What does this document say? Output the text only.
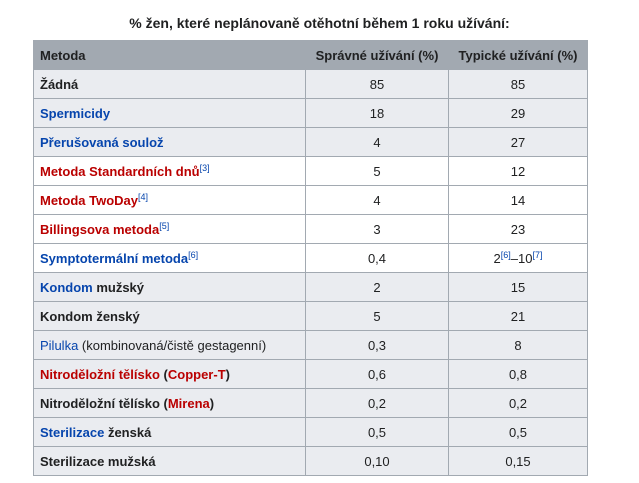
% žen, které neplánovaně otěhotní během 1 roku užívání:
Metoda	Správné užívání (%)	Typické užívání (%)
Žádná	85	85
Spermicidy	18	29
Přerušovaná soulož	4	27
Metoda Standardních dnů[3]	5	12
Metoda TwoDay[4]	4	14
Billingsova metoda[5]	3	23
Symptotermální metoda[6]	0,4	2[6]–10[7]
Kondom mužský	2	15
Kondom ženský	5	21
Pilulka (kombinovaná/čistě gestagenní)	0,3	8
Nitroděložní tělísko (Copper-T)	0,6	0,8
Nitroděložní tělísko (Mirena)	0,2	0,2
Sterilizace ženská	0,5	0,5
Sterilizace mužská	0,10	0,15
